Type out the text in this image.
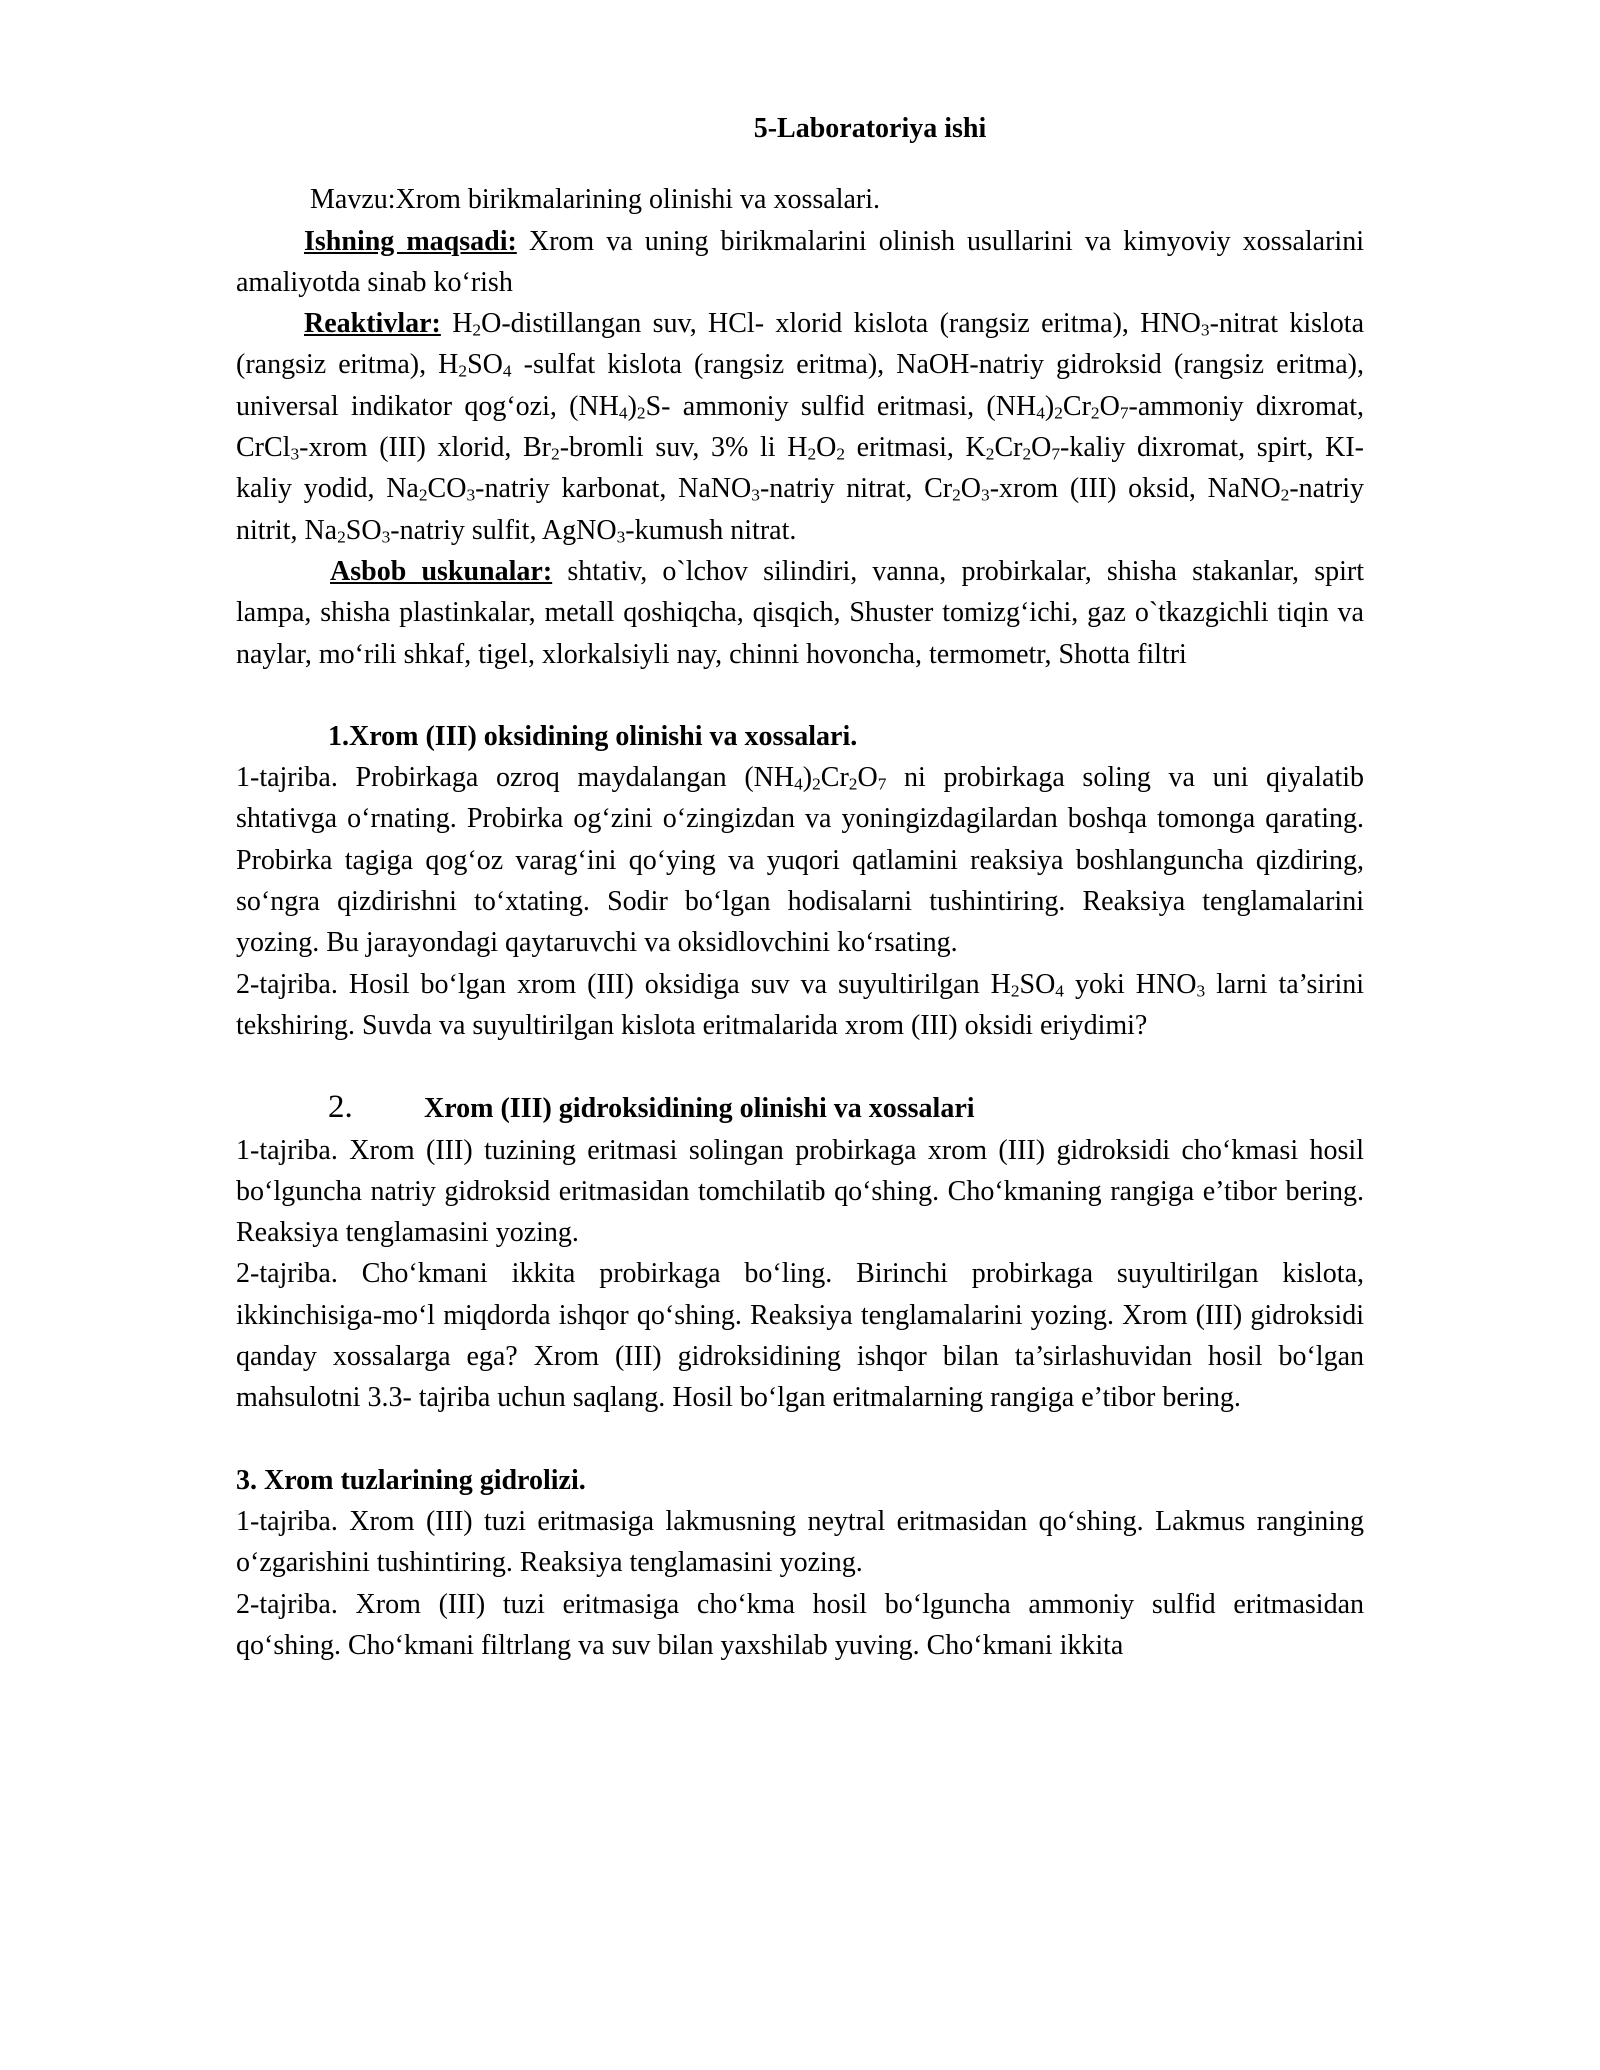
5-Laboratoriya ishi

Mavzu:Xrom birikmalarining olinishi va xossalari.

Ishning maqsadi: Xrom va uning birikmalarini olinish usullarini va kimyoviy xossalarini amaliyotda sinab ko‘rish

Reaktivlar: $H_2O$-distillangan suv, HCl- xlorid kislota (rangsiz eritma), $HNO_3$-nitrat kislota (rangsiz eritma), $H_2SO_4$ -sulfat kislota (rangsiz eritma), NaOH-natriy gidroksid (rangsiz eritma), universal indikator qog‘ozi, $(NH_4)_2S-$ ammoniy sulfid eritmasi, $(NH_4)_2Cr_2O_7$-ammoniy dixromat, CrCl$_3$-xrom (III) xlorid, $Br_2$-bromli suv, 3% li $H_2O_2$ eritmasi, $K_2Cr_2O_7$-kaliy dixromat, spirt, KI-kaliy yodid, $Na_2CO_3$-natriy karbonat, NaNO$_3$-natriy nitrat, $Cr_2O_3$-xrom (III) oksid, NaNO$_2$-natriy nitrit, $Na_2SO_3$-natriy sulfit, AgNO$_3$-kumush nitrat.

Asbob uskunalar: shtativ, o`lchov silindiri, vanna, probirkalar, shisha stakanlar, spirt lampa, shisha plastinkalar, metall qoshiqcha, qisqich, Shuster tomizg‘ichi, gaz o`tkazgichli tiqin va naylar, mo‘rili shkaf, tigel, xlorkalsiyli nay, chinni hovoncha, termometr, Shotta filtri

1.Xrom (III) oksidining olinishi va xossalari.

1-tajriba. Probirkaga ozroq maydalangan $(NH_4)_2Cr_2O_7$ ni probirkaga soling va uni qiyalatib shtativga o‘rnating. Probirka og‘zini o‘zingizdan va yoningizdagilardan boshqa tomonga qarating. Probirka tagiga qog‘oz varag‘ini qo‘ying va yuqori qatlamini reaksiya boshlanguncha qizdiring, so‘ngra qizdirishni to‘xtating. Sodir bo‘lgan hodisalarni tushintiring. Reaksiya tenglamalarini yozing. Bu jarayondagi qaytaruvchi va oksidlovchini ko‘rsating.

2-tajriba. Hosil bo‘lgan xrom (III) oksidiga suv va suyultirilgan $H_2SO_4$ yoki $HNO_3$ larni ta’sirini tekshiring. Suvda va suyultirilgan kislota eritmalarida xrom (III) oksidi eriydimi?

2.	Xrom (III) gidroksidining olinishi va xossalari

1-tajriba. Xrom (III) tuzining eritmasi solingan probirkaga xrom (III) gidroksidi cho‘kmasi hosil bo‘lguncha natriy gidroksid eritmasidan tomchilatib qo‘shing. Cho‘kmaning rangiga e’tibor bering. Reaksiya tenglamasini yozing.

2-tajriba. Cho‘kmani ikkita probirkaga bo‘ling. Birinchi probirkaga suyultirilgan kislota, ikkinchisiga-mo‘l miqdorda ishqor qo‘shing. Reaksiya tenglamalarini yozing. Xrom (III) gidroksidi qanday xossalarga ega? Xrom (III) gidroksidining ishqor bilan ta’sirlashuvidan hosil bo‘lgan mahsulotni 3.3- tajriba uchun saqlang. Hosil bo‘lgan eritmalarning rangiga e’tibor bering.

3. Xrom tuzlarining gidrolizi.

1-tajriba. Xrom (III) tuzi eritmasiga lakmusning neytral eritmasidan qo‘shing. Lakmus rangining o‘zgarishini tushintiring. Reaksiya tenglamasini yozing.

2-tajriba. Xrom (III) tuzi eritmasiga cho‘kma hosil bo‘lguncha ammoniy sulfid eritmasidan qo‘shing. Cho‘kmani filtrlang va suv bilan yaxshilab yuving. Cho‘kmani ikkita
